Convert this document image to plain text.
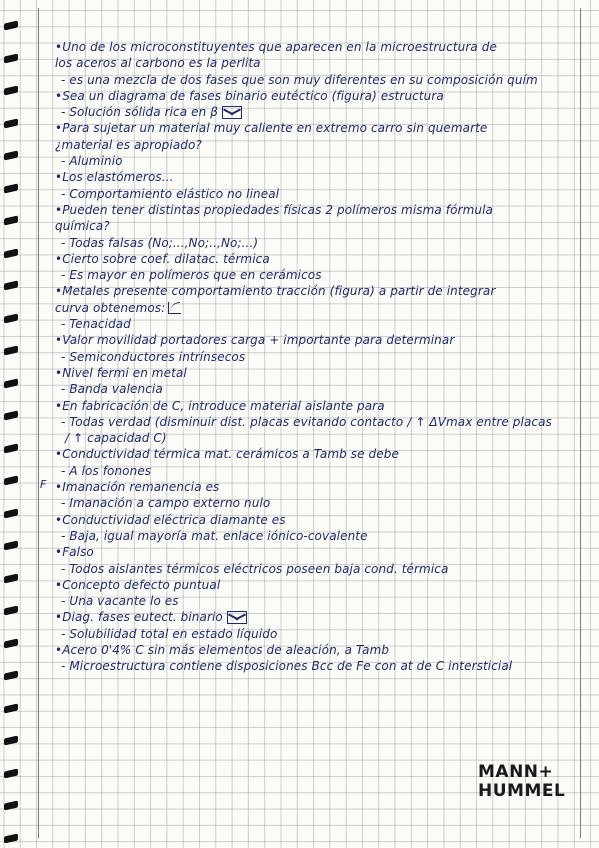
• Uno de los microconstituyentes que aparecen en la microestructura de
los aceros al carbono es la perlita
- es una mezcla de dos fases que son muy diferentes en su composición quím
• Sea un diagrama de fases binario eutéctico (figura) estructura
- Solución sólida rica en β
• Para sujetar un material muy caliente en extremo carro sin quemarte
¿material es apropiado?
- Aluminio
• Los elastómeros...
- Comportamiento elástico no lineal
• Pueden tener distintas propiedades físicas 2 polímeros misma fórmula
química?
- Todas falsas (No;...,No;..,No;...)
• Cierto sobre coef. dilatac. térmica
- Es mayor en polímeros que en cerámicos
• Metales presente comportamiento tracción (figura) a partir de integrar
curva obtenemos:
- Tenacidad
• Valor movilidad portadores carga + importante para determinar
- Semiconductores intrínsecos
• Nivel fermi en metal
- Banda valencia
• En fabricación de C, introduce material aislante para
- Todas verdad (disminuir dist. placas evitando contacto / ↑ ΔVmax entre placas
/ ↑ capacidad C)
• Conductividad térmica mat. cerámicos a Tamb se debe
- A los fonones
• Imanación remanencia es
- Imanación a campo externo nulo
• Conductividad eléctrica diamante es
- Baja, igual mayoría mat. enlace iónico-covalente
• Falso
- Todos aislantes térmicos eléctricos poseen baja cond. térmica
• Concepto defecto puntual
- Una vacante lo es
• Diag. fases eutect. binario
- Solubilidad total en estado líquido
• Acero 0'4% C sin más elementos de aleación, a Tamb
- Microestructura contiene disposiciones Bcc de Fe con at de C intersticial
F
MANN+
HUMMEL
